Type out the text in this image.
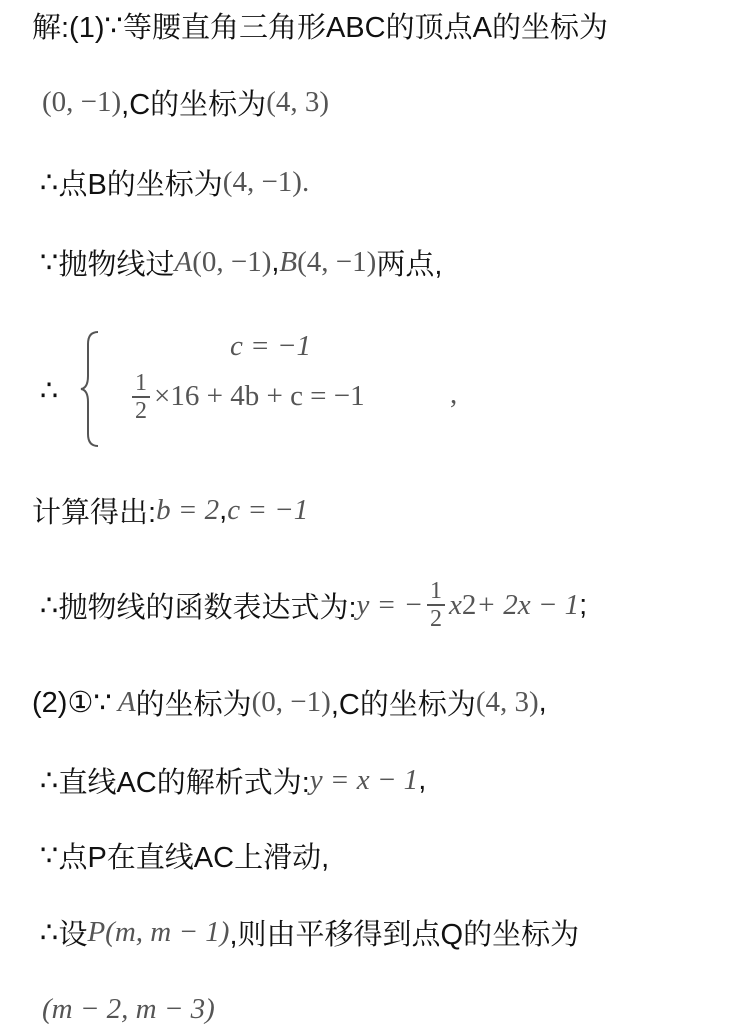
解:(1) ∵ 等腰直角三角形ABC的顶点A的坐标为
(0, −1) ,C的坐标为 (4, 3)
∴ 点B的坐标为 (4, −1).
∵ 抛物线过 A (0, −1) , B (4, −1) 两点,
∴
c = −1
$\frac{1}{2} \times 16 + 4b + c = -1$	,
计算得出: b = 2 , c = −1
∴ 抛物线的函数表达式为: y = − $\frac{1}{2}$ x 2 + 2x − 1 ;
(2)① ∵ A 的坐标为 (0, −1) ,C的坐标为 (4, 3) ,
∴ 直线AC的解析式为: y = x − 1 ,
∵ 点P在直线AC上滑动,
∴ 设 P(m, m − 1) ,则由平移得到点Q的坐标为
(m − 2, m − 3)
